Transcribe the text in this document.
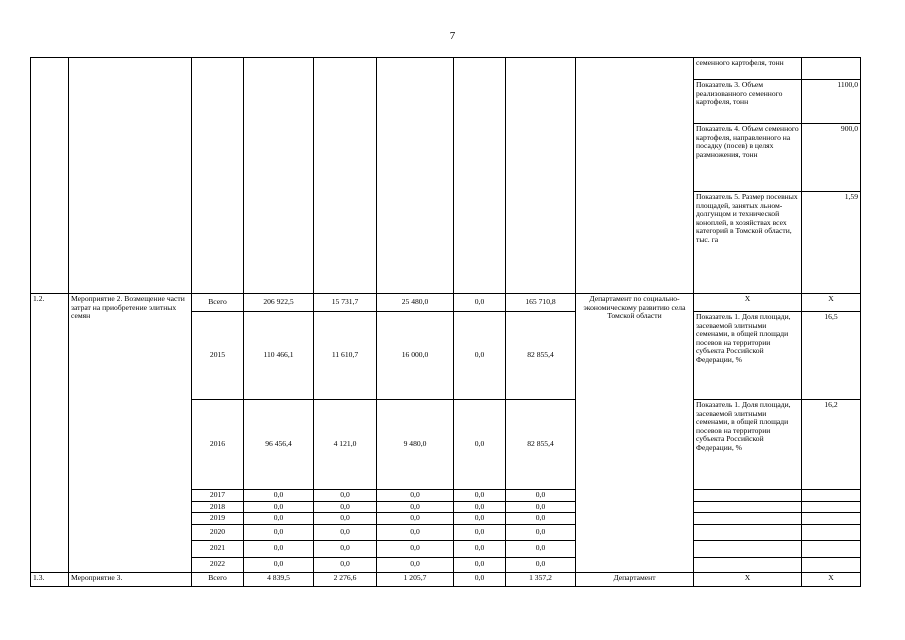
7
									семенного картофеля, тонн	
									Показатель 3. Объем реализованного семенного картофеля, тонн	1100,0
									Показатель 4. Объем семенного картофеля, направленного на посадку (посев) в целях размножения, тонн	900,0
									Показатель 5. Размер посевных площадей, занятых льном-долгунцом и технической коноплей, в хозяйствах всех категорий в Томской области, тыс. га	1,59
1.2.	Мероприятие 2. Возмещение части затрат на приобретение элитных семян	Всего	206 922,5	15 731,7	25 480,0	0,0	165 710,8	Департамент по социально-экономическому развитию села Томской области	X	X
		2015	110 466,1	11 610,7	16 000,0	0,0	82 855,4		Показатель 1. Доля площади, засеваемой элитными семенами, в общей площади посевов на территории субъекта Российской Федерации, %	16,5
		2016	96 456,4	4 121,0	9 480,0	0,0	82 855,4		Показатель 1. Доля площади, засеваемой элитными семенами, в общей площади посевов на территории субъекта Российской Федерации, %	16,2
		2017	0,0	0,0	0,0	0,0	0,0			
		2018	0,0	0,0	0,0	0,0	0,0			
		2019	0,0	0,0	0,0	0,0	0,0			
		2020	0,0	0,0	0,0	0,0	0,0			
		2021	0,0	0,0	0,0	0,0	0,0			
		2022	0,0	0,0	0,0	0,0	0,0			
1.3.	Мероприятие 3.	Всего	4 839,5	2 276,6	1 205,7	0,0	1 357,2	Департамент	X	X
